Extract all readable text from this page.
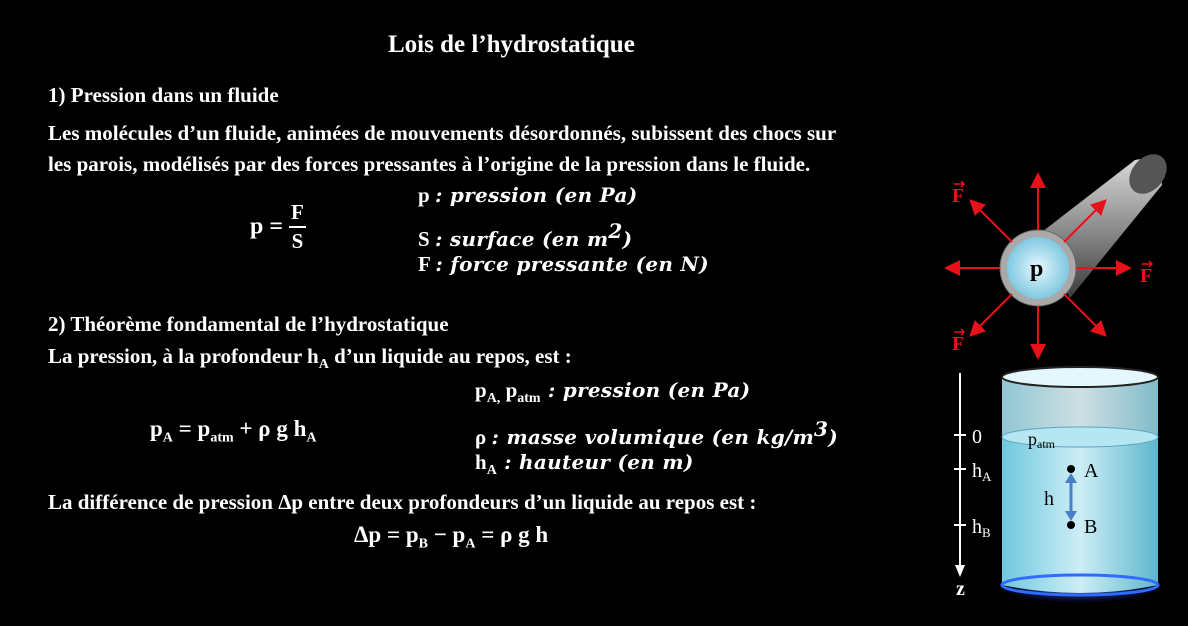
Lois de l’hydrostatique
1) Pression dans un fluide
Les molécules d’un fluide, animées de mouvements désordonnés, subissent des chocs sur
les parois, modélisés par des forces pressantes à l’origine de la pression dans le fluide.
$p = \frac{F}{S}$
p : pression (en Pa)
S : surface (en $m^2$)
F : force pressante (en N)
2) Théorème fondamental de l’hydrostatique
La pression, à la profondeur $h_A$ d’un liquide au repos, est :
$p_A = p_{atm} + \rho$ g $h_A$
$p_{A,}$ $p_{atm}$ : pression (en Pa)
ρ : masse volumique (en $kg/m^3$)
$h_A$ : hauteur (en m)
La différence de pression Δp entre deux profondeurs d’un liquide au repos est :
$\Delta p = p_B - p_A = \rho$ g h
p
F
F
F
0
$h_A$
$h_B$
z
patm
A
B
h
